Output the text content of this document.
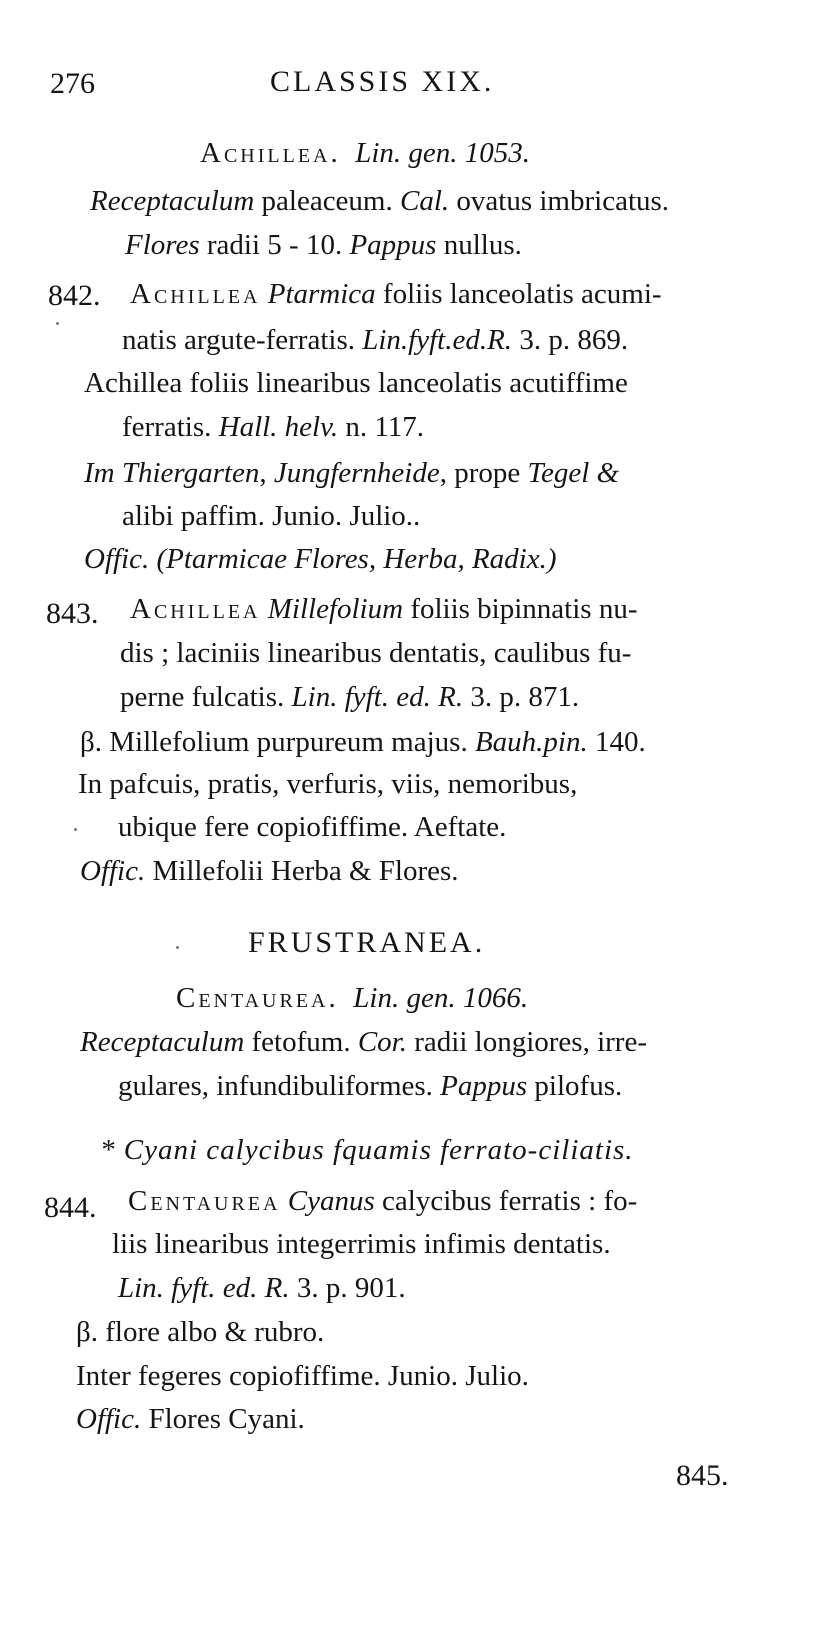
276	CLASSIS XIX.
Achillea. Lin. gen. 1053.
Receptaculum paleaceum. Cal. ovatus imbricatus.
Flores radii 5 - 10. Pappus nullus.
842. Achillea Ptarmica foliis lanceolatis acumi-
natis argute-ferratis. Lin.fyft.ed.R. 3. p. 869.
Achillea foliis linearibus lanceolatis acutiffime
ferratis. Hall. helv. n. 117.
Im Thiergarten, Jungfernheide, prope Tegel &
alibi paffim. Junio. Julio..
Offic. (Ptarmicae Flores, Herba, Radix.)
843. Achillea Millefolium foliis bipinnatis nu-
dis ; laciniis linearibus dentatis, caulibus fu-
perne fulcatis. Lin. fyft. ed. R. 3. p. 871.
β. Millefolium purpureum majus. Bauh.pin. 140.
In pafcuis, pratis, verfuris, viis, nemoribus,
ubique fere copiofiffime. Aeftate.
Offic. Millefolii Herba & Flores.
FRUSTRANEA.
Centaurea. Lin. gen. 1066.
Receptaculum fetofum. Cor. radii longiores, irre-
gulares, infundibuliformes. Pappus pilofus.
* Cyani calycibus fquamis ferrato-ciliatis.
844. Centaurea Cyanus calycibus ferratis : fo-
liis linearibus integerrimis infimis dentatis.
Lin. fyft. ed. R. 3. p. 901.
β. flore albo & rubro.
Inter fegeres copiofiffime. Junio. Julio.
Offic. Flores Cyani.
845.
